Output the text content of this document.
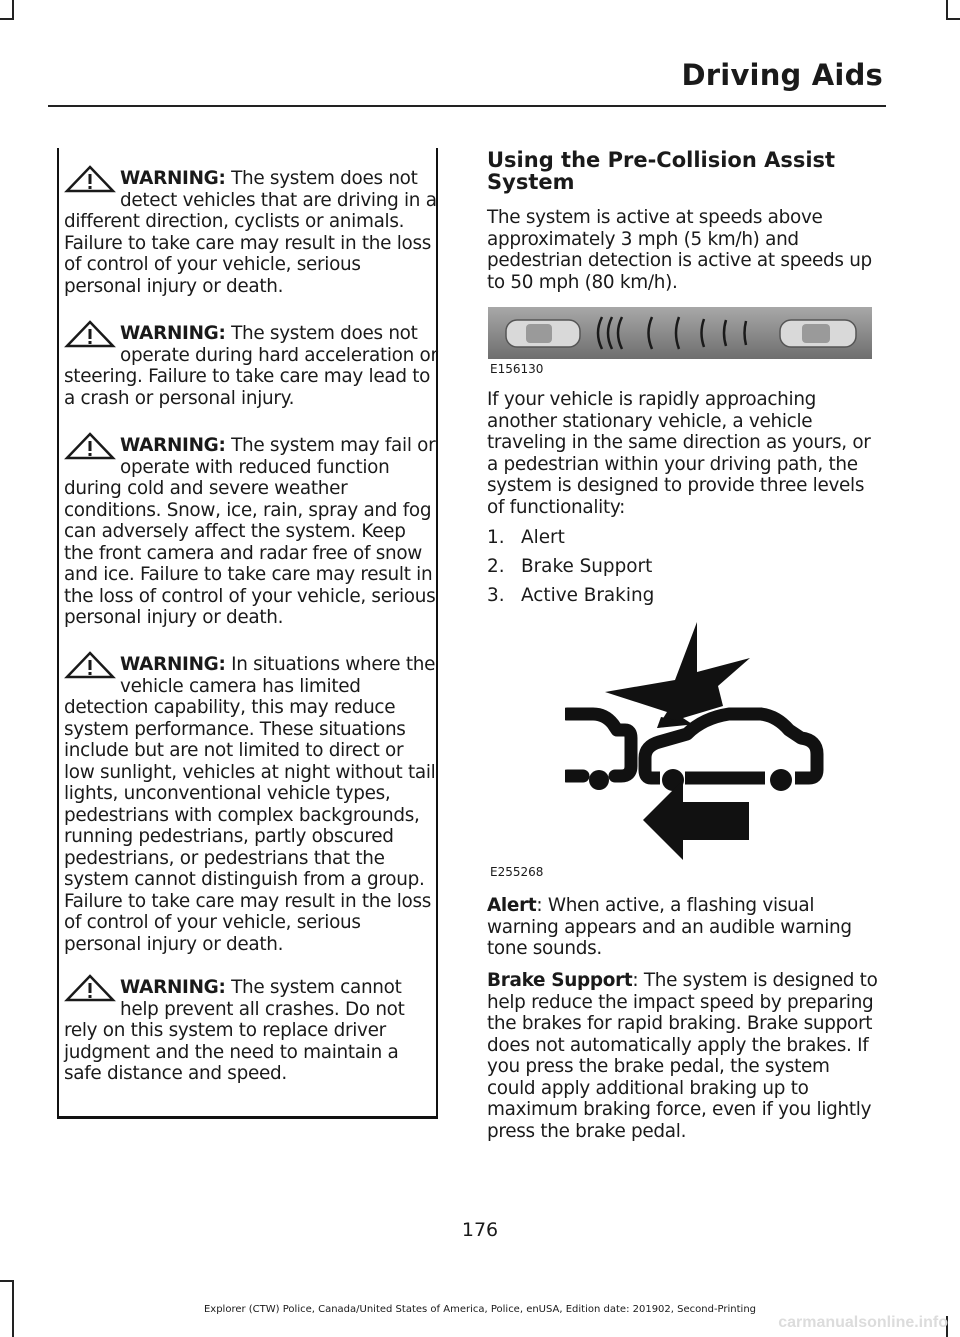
Driving Aids
WARNING: The system does not detect vehicles that are driving in a different direction, cyclists or animals. Failure to take care may result in the loss of control of your vehicle, serious personal injury or death.
WARNING: The system does not operate during hard acceleration or steering. Failure to take care may lead to a crash or personal injury.
WARNING: The system may fail or operate with reduced function during cold and severe weather conditions. Snow, ice, rain, spray and fog can adversely affect the system. Keep the front camera and radar free of snow and ice. Failure to take care may result in the loss of control of your vehicle, serious personal injury or death.
WARNING: In situations where the vehicle camera has limited detection capability, this may reduce system performance. These situations include but are not limited to direct or low sunlight, vehicles at night without tail lights, unconventional vehicle types, pedestrians with complex backgrounds, running pedestrians, partly obscured pedestrians, or pedestrians that the system cannot distinguish from a group. Failure to take care may result in the loss of control of your vehicle, serious personal injury or death.
WARNING: The system cannot help prevent all crashes. Do not rely on this system to replace driver judgment and the need to maintain a safe distance and speed.
Using the Pre-Collision Assist System
The system is active at speeds above approximately 3 mph (5 km/h) and pedestrian detection is active at speeds up to 50 mph (80 km/h).
E156130
If your vehicle is rapidly approaching another stationary vehicle, a vehicle traveling in the same direction as yours, or a pedestrian within your driving path, the system is designed to provide three levels of functionality:
1. Alert
2. Brake Support
3. Active Braking
E255268
Alert: When active, a flashing visual warning appears and an audible warning tone sounds.
Brake Support: The system is designed to help reduce the impact speed by preparing the brakes for rapid braking. Brake support does not automatically apply the brakes. If you press the brake pedal, the system could apply additional braking up to maximum braking force, even if you lightly press the brake pedal.
176
Explorer (CTW) Police, Canada/United States of America, Police, enUSA, Edition date: 201902, Second-Printing
carmanualsonline.info
